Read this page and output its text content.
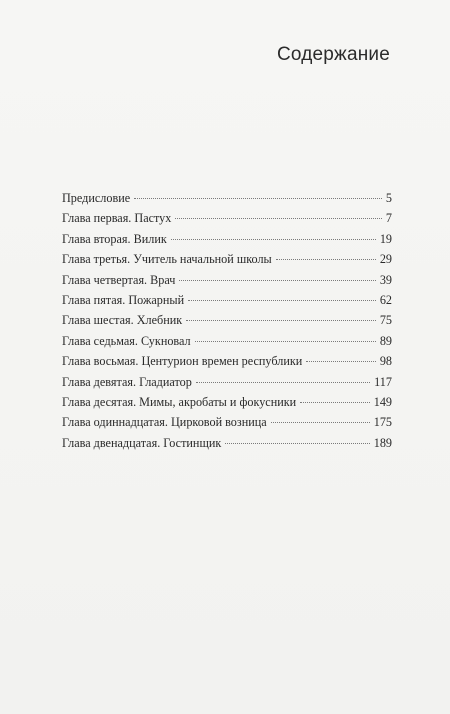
Содержание
Предисловие	5
Глава первая. Пастух	7
Глава вторая. Вилик	19
Глава третья. Учитель начальной школы	29
Глава четвертая. Врач	39
Глава пятая. Пожарный	62
Глава шестая. Хлебник	75
Глава седьмая. Сукновал	89
Глава восьмая. Центурион времен республики	98
Глава девятая. Гладиатор	117
Глава десятая. Мимы, акробаты и фокусники	149
Глава одиннадцатая. Цирковой возница	175
Глава двенадцатая. Гостинщик	189
